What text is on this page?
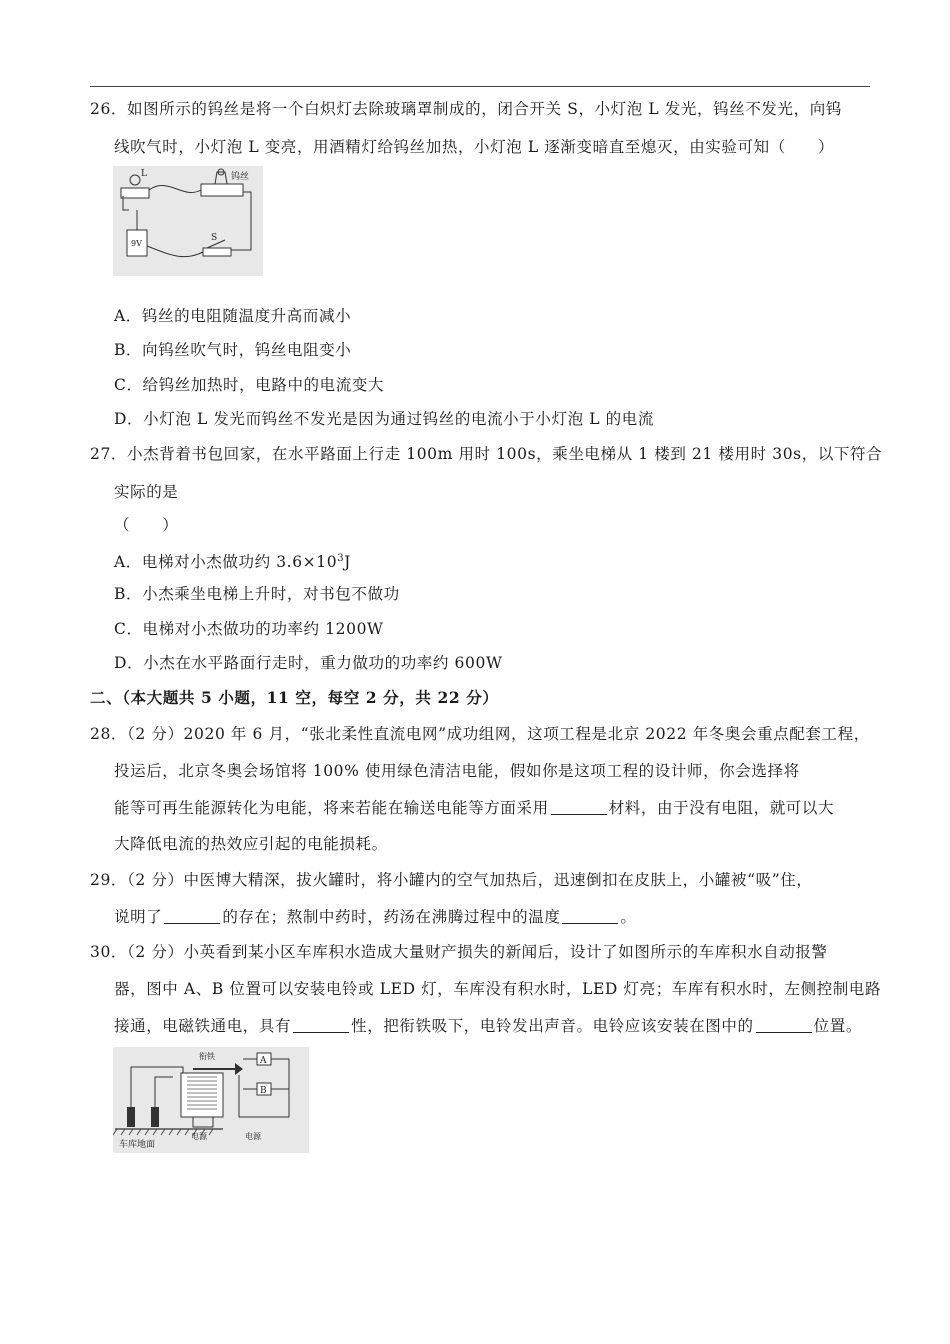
26．如图所示的钨丝是将一个白炽灯去除玻璃罩制成的，闭合开关 S，小灯泡 L 发光，钨丝不发光，向钨
线吹气时，小灯泡 L 变亮，用酒精灯给钨丝加热，小灯泡 L 逐渐变暗直至熄灭，由实验可知（　　）
L	钨丝
9V
S
A．钨丝的电阻随温度升高而减小
B．向钨丝吹气时，钨丝电阻变小
C．给钨丝加热时，电路中的电流变大
D．小灯泡 L 发光而钨丝不发光是因为通过钨丝的电流小于小灯泡 L 的电流
27．小杰背着书包回家，在水平路面上行走 100m 用时 100s，乘坐电梯从 1 楼到 21 楼用时 30s，以下符合
实际的是
（　　）
A．电梯对小杰做功约 $3.6\times 10^3J$
B．小杰乘坐电梯上升时，对书包不做功
C．电梯对小杰做功的功率约 1200W
D．小杰在水平路面行走时，重力做功的功率约 600W
二、（本大题共 5 小题，11 空，每空 2 分，共 22 分）
28．（2 分）2020 年 6 月，“张北柔性直流电网”成功组网，这项工程是北京 2022 年冬奥会重点配套工程，
投运后，北京冬奥会场馆将 100% 使用绿色清洁电能，假如你是这项工程的设计师，你会选择将
能等可再生能源转化为电能，将来若能在输送电能等方面采用	材料，由于没有电阻，就可以大
大降低电流的热效应引起的电能损耗。
29．（2 分）中医博大精深，拔火罐时，将小罐内的空气加热后，迅速倒扣在皮肤上，小罐被“吸”住，
说明了	的存在；熬制中药时，药汤在沸腾过程中的温度	。
30．（2 分）小英看到某小区车库积水造成大量财产损失的新闻后，设计了如图所示的车库积水自动报警
器，图中 A、B 位置可以安装电铃或 LED 灯，车库没有积水时，LED 灯亮；车库有积水时，左侧控制电路
接通，电磁铁通电，具有	性，把衔铁吸下，电铃发出声音。电铃应该安装在图中的	位置。
车库地面
衔铁	A
B
电源	电源
